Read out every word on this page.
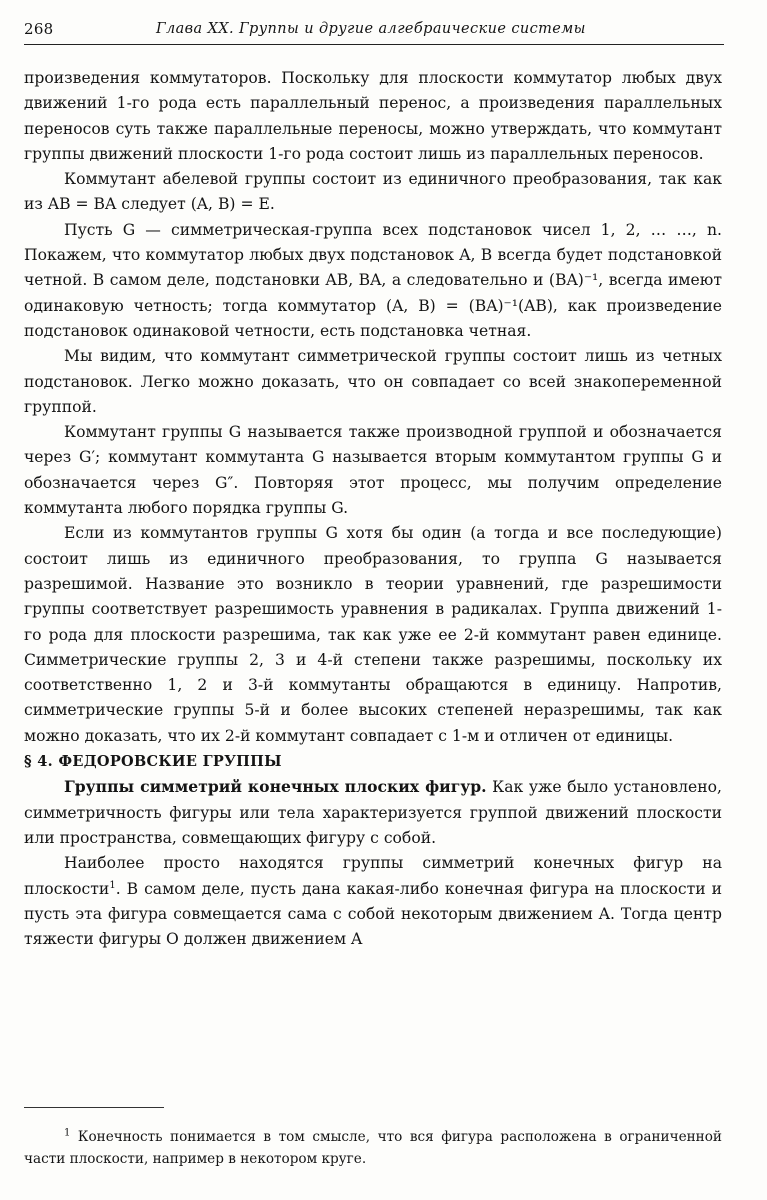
268	Глава XX. Группы и другие алгебраические системы

произведения коммутаторов. Поскольку для плоскости коммутатор любых двух движений 1-го рода есть параллельный перенос, а произведения параллельных переносов суть также параллельные переносы, можно утверждать, что коммутант группы движений плоскости 1-го рода состоит лишь из параллельных переносов.

Коммутант абелевой группы состоит из единичного преобразования, так как из AB = BA следует (A, B) = E.

Пусть G — симметрическая-группа всех подстановок чисел 1, 2, … …, n. Покажем, что коммутатор любых двух подстановок A, B всегда будет подстановкой четной. В самом деле, подстановки AB, BA, а следовательно и (BA)⁻¹, всегда имеют одинаковую четность; тогда коммутатор (A, B) = (BA)⁻¹(AB), как произведение подстановок одинаковой четности, есть подстановка четная.

Мы видим, что коммутант симметрической группы состоит лишь из четных подстановок. Легко можно доказать, что он совпадает со всей знакопеременной группой.

Коммутант группы G называется также производной группой и обозначается через G′; коммутант коммутанта G называется вторым коммутантом группы G и обозначается через G″. Повторяя этот процесс, мы получим определение коммутанта любого порядка группы G.

Если из коммутантов группы G хотя бы один (а тогда и все последующие) состоит лишь из единичного преобразования, то группа G называется разрешимой. Название это возникло в теории уравнений, где разрешимости группы соответствует разрешимость уравнения в радикалах. Группа движений 1-го рода для плоскости разрешима, так как уже ее 2-й коммутант равен единице. Симметрические группы 2, 3 и 4-й степени также разрешимы, поскольку их соответственно 1, 2 и 3-й коммутанты обращаются в единицу. Напротив, симметрические группы 5-й и более высоких степеней неразрешимы, так как можно доказать, что их 2-й коммутант совпадает с 1-м и отличен от единицы.

§ 4. ФЕДОРОВСКИЕ ГРУППЫ

Группы симметрий конечных плоских фигур. Как уже было установлено, симметричность фигуры или тела характеризуется группой движений плоскости или пространства, совмещающих фигуру с собой.

Наиболее просто находятся группы симметрий конечных фигур на плоскости$^1$. В самом деле, пусть дана какая-либо конечная фигура на плоскости и пусть эта фигура совмещается сама с собой некоторым движением A. Тогда центр тяжести фигуры O должен движением A

$^1$ Конечность понимается в том смысле, что вся фигура расположена в ограниченной части плоскости, например в некотором круге.
